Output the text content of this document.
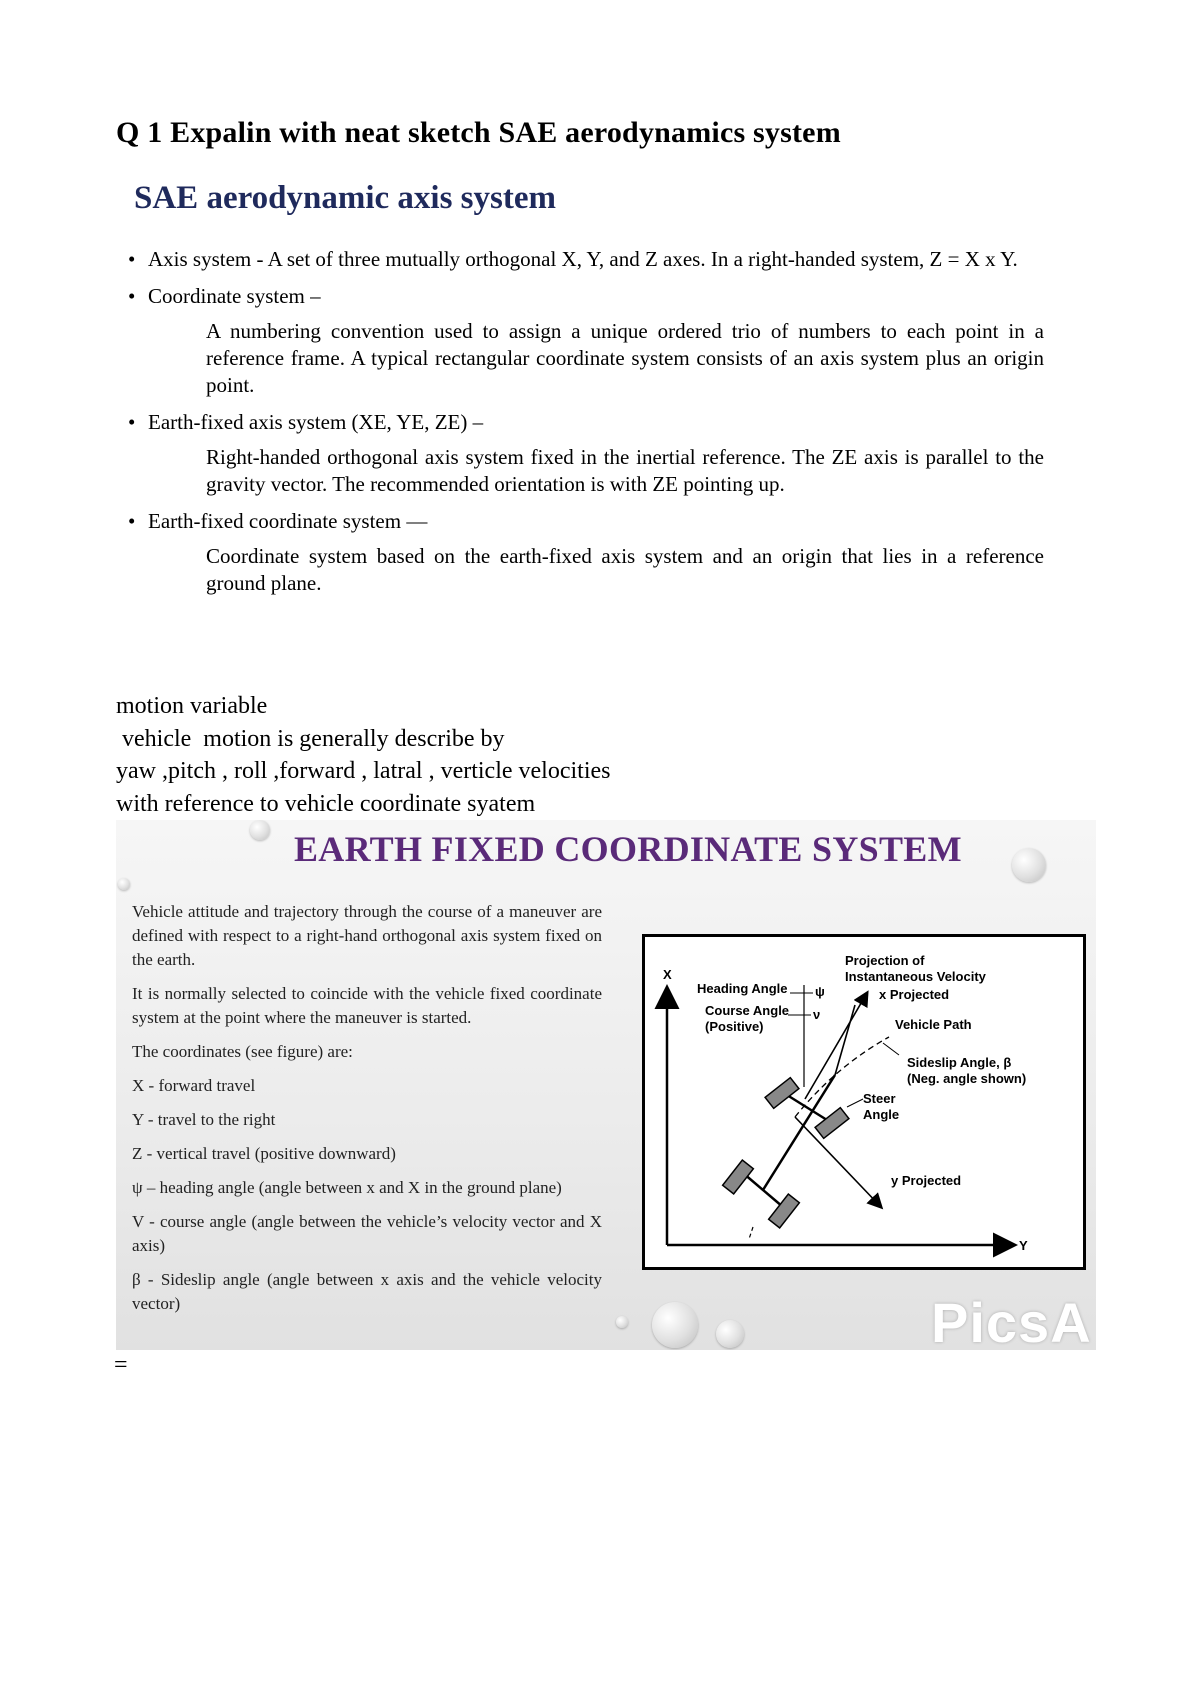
Q 1 Expalin with neat sketch SAE aerodynamics system
SAE aerodynamic axis system
• Axis system - A set of three mutually orthogonal X, Y, and Z axes. In a right-handed system, Z = X x Y.
• Coordinate system –
A numbering convention used to assign a unique ordered trio of numbers to each point in a reference frame. A typical rectangular coordinate system consists of an axis system plus an origin point.
• Earth-fixed axis system (XE, YE, ZE) –
Right-handed orthogonal axis system fixed in the inertial reference. The ZE axis is parallel to the gravity vector. The recommended orientation is with ZE pointing up.
• Earth-fixed coordinate system —
Coordinate system based on the earth-fixed axis system and an origin that lies in a reference ground plane.
motion variable
vehicle  motion is generally describe by
yaw ,pitch , roll ,forward , latral , verticle velocities
with reference to vehicle coordinate syatem
EARTH FIXED COORDINATE SYSTEM

Vehicle attitude and trajectory through the course of a maneuver are defined with respect to a right-hand orthogonal axis system fixed on the earth.

It is normally selected to coincide with the vehicle fixed coordinate system at the point where the maneuver is started.

The coordinates (see figure) are:

X - forward travel

Y - travel to the right

Z - vertical travel (positive downward)

ψ – heading angle (angle between x and X in the ground plane)

V - course angle (angle between the vehicle’s velocity vector and X axis)

β - Sideslip angle (angle between x axis and the vehicle velocity vector)

X
Y
ψ
ν
Heading Angle
Course Angle
(Positive)
Projection of
Instantaneous Velocity
x Projected
Vehicle Path
Sideslip Angle, β
(Neg. angle shown)
Steer
Angle
y Projected
PicsA

=
